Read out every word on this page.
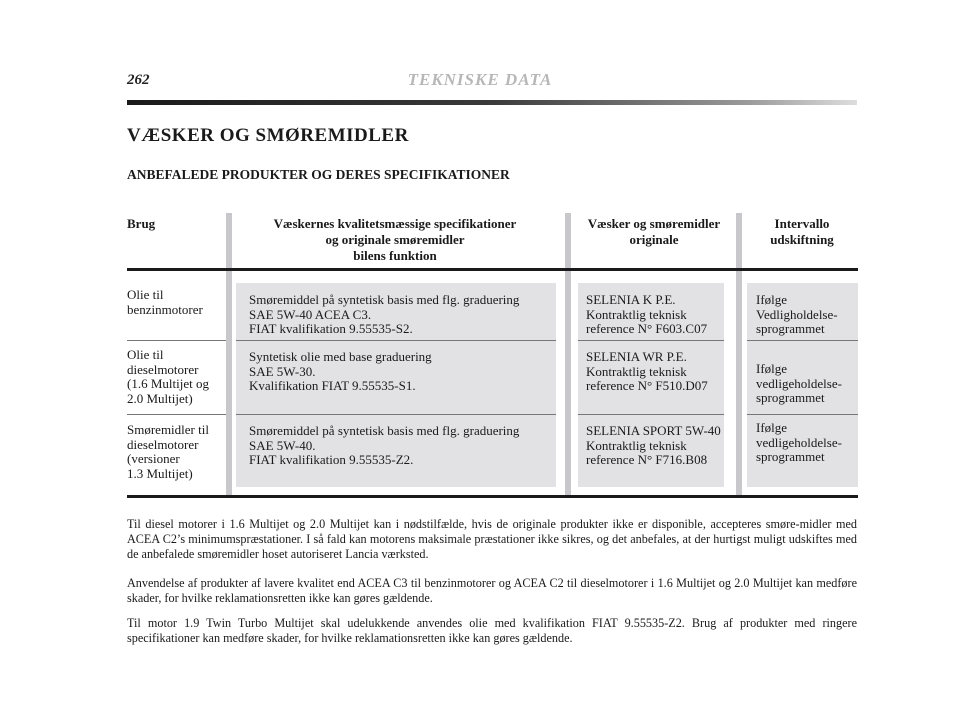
262	TEKNISKE DATA
VÆSKER OG SMØREMIDLER
ANBEFALEDE PRODUKTER OG DERES SPECIFIKATIONER
Brug	Væskernes kvalitetsmæssige specifikationer
og originale smøremidler
bilens funktion
Væsker og smøremidler
originale
Intervallo
udskiftning
Olie til
benzinmotorer
Smøremiddel på syntetisk basis med flg. graduering
SAE 5W-40 ACEA C3.
FIAT kvalifikation 9.55535-S2.
SELENIA K P.E.
Kontraktlig teknisk
reference N° F603.C07
Ifølge
Vedligholdelse-
sprogrammet
Olie til
dieselmotorer
(1.6 Multijet og
2.0 Multijet)
Syntetisk olie med base graduering
SAE 5W-30.
Kvalifikation FIAT 9.55535-S1.
SELENIA WR P.E.
Kontraktlig teknisk
reference N° F510.D07
Ifølge
vedligeholdelse-
sprogrammet
Smøremidler til
dieselmotorer
(versioner
1.3 Multijet)
Smøremiddel på syntetisk basis med flg. graduering
SAE 5W-40.
FIAT kvalifikation 9.55535-Z2.
SELENIA SPORT 5W-40
Kontraktlig teknisk
reference N° F716.B08
Ifølge
vedligeholdelse-
sprogrammet
Til diesel motorer i 1.6 Multijet og 2.0 Multijet kan i nødstilfælde, hvis de originale produkter ikke er disponible, accepteres smøre-midler med ACEA C2’s minimumspræstationer. I så fald kan motorens maksimale præstationer ikke sikres, og det anbefales, at der hurtigst muligt udskiftes med de anbefalede smøremidler hoset autoriseret Lancia værksted.
Anvendelse af produkter af lavere kvalitet end ACEA C3 til benzinmotorer og ACEA C2 til dieselmotorer i 1.6 Multijet og 2.0 Multijet kan medføre skader, for hvilke reklamationsretten ikke kan gøres gældende.
Til motor 1.9 Twin Turbo Multijet skal udelukkende anvendes olie med kvalifikation FIAT 9.55535-Z2. Brug af produkter med ringere specifikationer kan medføre skader, for hvilke reklamationsretten ikke kan gøres gældende.
